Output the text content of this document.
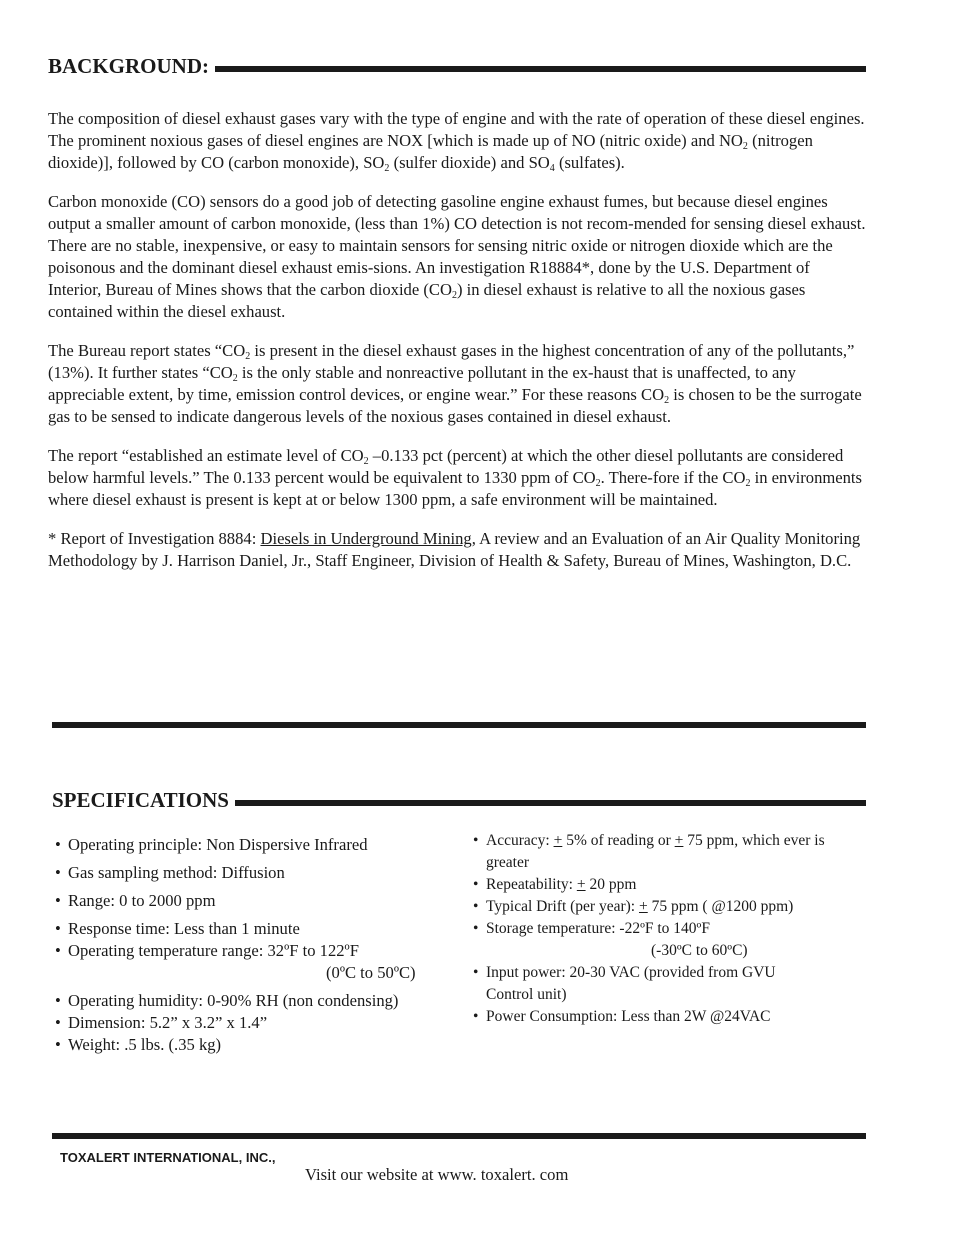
BACKGROUND:

The composition of diesel exhaust gases vary with the type of engine and with the rate of operation of these diesel engines. The prominent noxious gases of diesel engines are NOX [which is made up of NO (nitric oxide) and $NO_2$ (nitrogen dioxide)], followed by CO (carbon monoxide), $SO_2$ (sulfer dioxide) and $SO_4$ (sulfates).

Carbon monoxide (CO) sensors do a good job of detecting gasoline engine exhaust fumes, but because diesel engines output a smaller amount of carbon monoxide, (less than 1%) CO detection is not recom-mended for sensing diesel exhaust. There are no stable, inexpensive, or easy to maintain sensors for sensing nitric oxide or nitrogen dioxide which are the poisonous and the dominant diesel exhaust emis-sions. An investigation R18884*, done by the U.S. Department of Interior, Bureau of Mines shows that the carbon dioxide $(CO_2)$ in diesel exhaust is relative to all the noxious gases contained within the diesel exhaust.

The Bureau report states “$CO_2$ is present in the diesel exhaust gases in the highest concentration of any of the pollutants,” (13%). It further states “$CO_2$ is the only stable and nonreactive pollutant in the ex-haust that is unaffected, to any appreciable extent, by time, emission control devices, or engine wear.” For these reasons $CO_2$ is chosen to be the surrogate gas to be sensed to indicate dangerous levels of the noxious gases contained in diesel exhaust.

The report “established an estimate level of $CO_2$ –0.133 pct (percent) at which the other diesel pollutants are considered below harmful levels.” The 0.133 percent would be equivalent to 1330 ppm of $CO_2$. There-fore if the $CO_2$ in environments where diesel exhaust is present is kept at or below 1300 ppm, a safe environment will be maintained.

* Report of Investigation 8884: Diesels in Underground Mining, A review and an Evaluation of an Air Quality Monitoring Methodology by J. Harrison Daniel, Jr., Staff Engineer, Division of Health & Safety, Bureau of Mines, Washington, D.C.

SPECIFICATIONS
• Operating principle: Non Dispersive Infrared
• Gas sampling method: Diffusion
• Range: 0 to 2000 ppm
• Response time: Less than 1 minute
• Operating temperature range: 32ºF to 122ºF
(0ºC to 50ºC)
• Operating humidity: 0-90% RH (non condensing)
• Dimension: 5.2” x 3.2” x 1.4”
• Weight: .5 lbs. (.35 kg)
• Accuracy: + 5% of reading or + 75 ppm, which ever is
greater
• Repeatability: + 20 ppm
• Typical Drift (per year): + 75 ppm ( @1200 ppm)
• Storage temperature: -22ºF to 140ºF
(-30ºC to 60ºC)
• Input power: 20-30 VAC (provided from GVU
Control unit)
• Power Consumption: Less than 2W @24VAC
TOXALERT INTERNATIONAL, INC.,
Visit our website at www. toxalert. com
